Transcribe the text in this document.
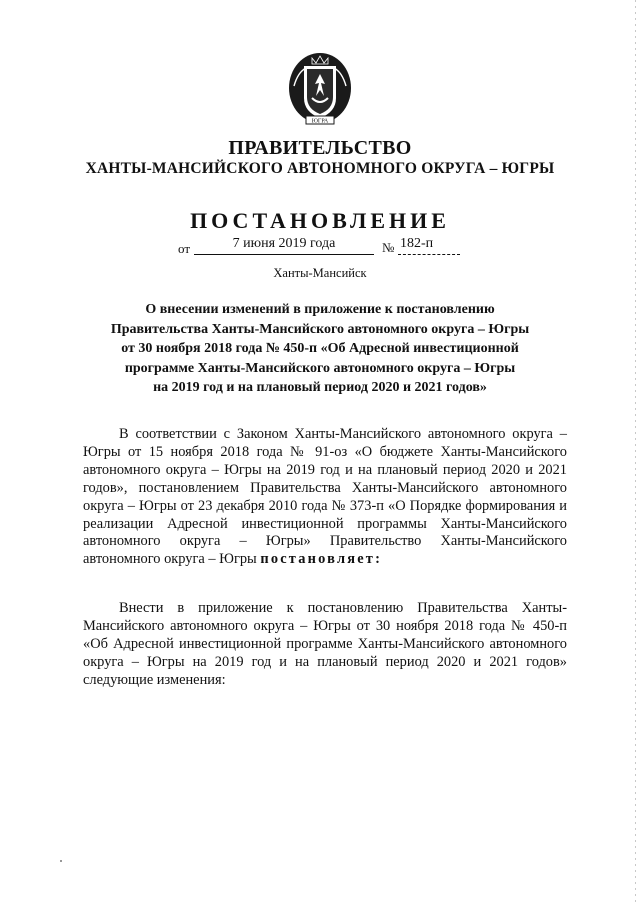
ЮГРА
ПРАВИТЕЛЬСТВО
ХАНТЫ-МАНСИЙСКОГО АВТОНОМНОГО ОКРУГА – ЮГРЫ
ПОСТАНОВЛЕНИЕ
от	7 июня 2019 года	№ 182-п
Ханты-Мансийск
О внесении изменений в приложение к постановлению
Правительства Ханты-Мансийского автономного округа – Югры
от 30 ноября 2018 года № 450-п «Об Адресной инвестиционной
программе Ханты-Мансийского автономного округа – Югры
на 2019 год и на плановый период 2020 и 2021 годов»
В соответствии с Законом Ханты-Мансийского автономного округа – Югры от 15 ноября 2018 года № 91-оз «О бюджете Ханты-Мансийского автономного округа – Югры на 2019 год и на плановый период 2020 и 2021 годов», постановлением Правительства Ханты-Мансийского автономного округа – Югры от 23 декабря 2010 года № 373-п «О Порядке формирования и реализации Адресной инвестиционной программы Ханты-Мансийского автономного округа – Югры» Правительство Ханты-Мансийского автономного округа – Югры постановляет:
Внести в приложение к постановлению Правительства Ханты-Мансийского автономного округа – Югры от 30 ноября 2018 года № 450-п «Об Адресной инвестиционной программе Ханты-Мансийского автономного округа – Югры на 2019 год и на плановый период 2020 и 2021 годов» следующие изменения:
